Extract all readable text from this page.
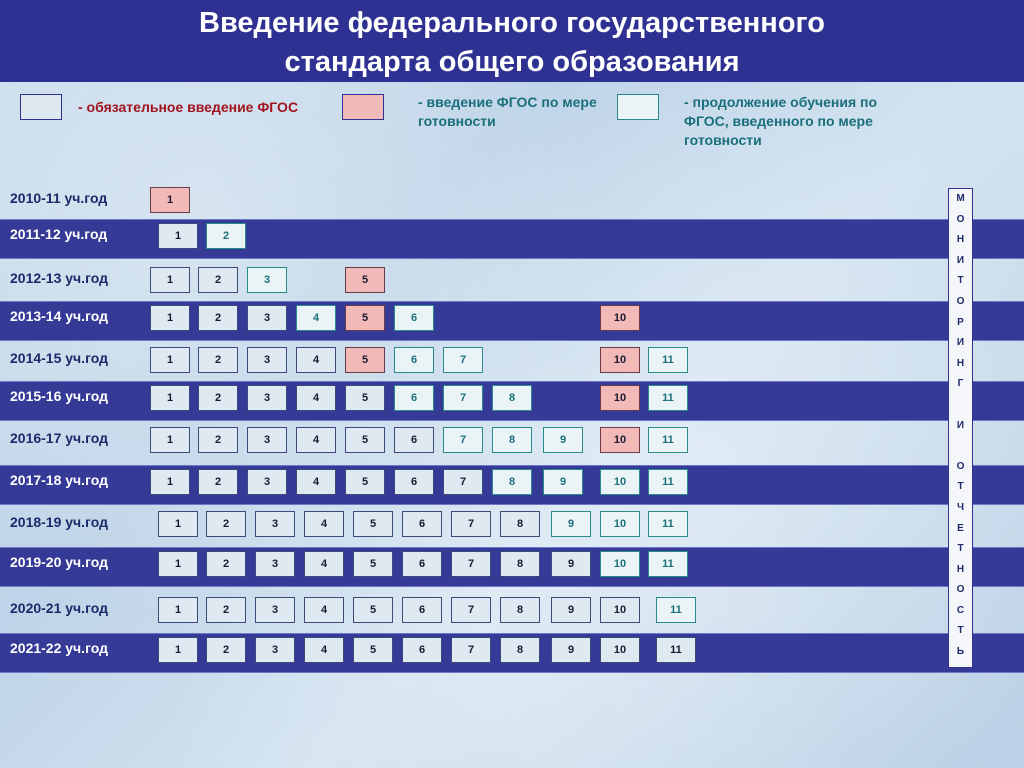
Введение федерального государственного
стандарта общего образования
- обязательное введение ФГОС	- введение ФГОС по мере готовности
- продолжение обучения по ФГОС, введенного по мере готовности
2010-11 уч.год	1
2011-12 уч.год	1	2
2012-13 уч.год	1	2	3	5
2013-14 уч.год	1	2	3	4	5	6	10
2014-15 уч.год	1	2	3	4	5	6	7	10	11
2015-16 уч.год	1	2	3	4	5	6	7	8	10	11
2016-17 уч.год	1	2	3	4	5	6	7	8	9	10	11
2017-18 уч.год	1	2	3	4	5	6	7	8	9	10	11
2018-19 уч.год	1	2	3	4	5	6	7	8	9	10	11
2019-20 уч.год	1	2	3	4	5	6	7	8	9	10	11
2020-21 уч.год	1	2	3	4	5	6	7	8	9	10	11
2021-22 уч.год	1	2	3	4	5	6	7	8	9	10	11
М
О
Н
И
Т
О
Р
И
Н
Г
И
О
Т
Ч
Е
Т
Н
О
С
Т
Ь
